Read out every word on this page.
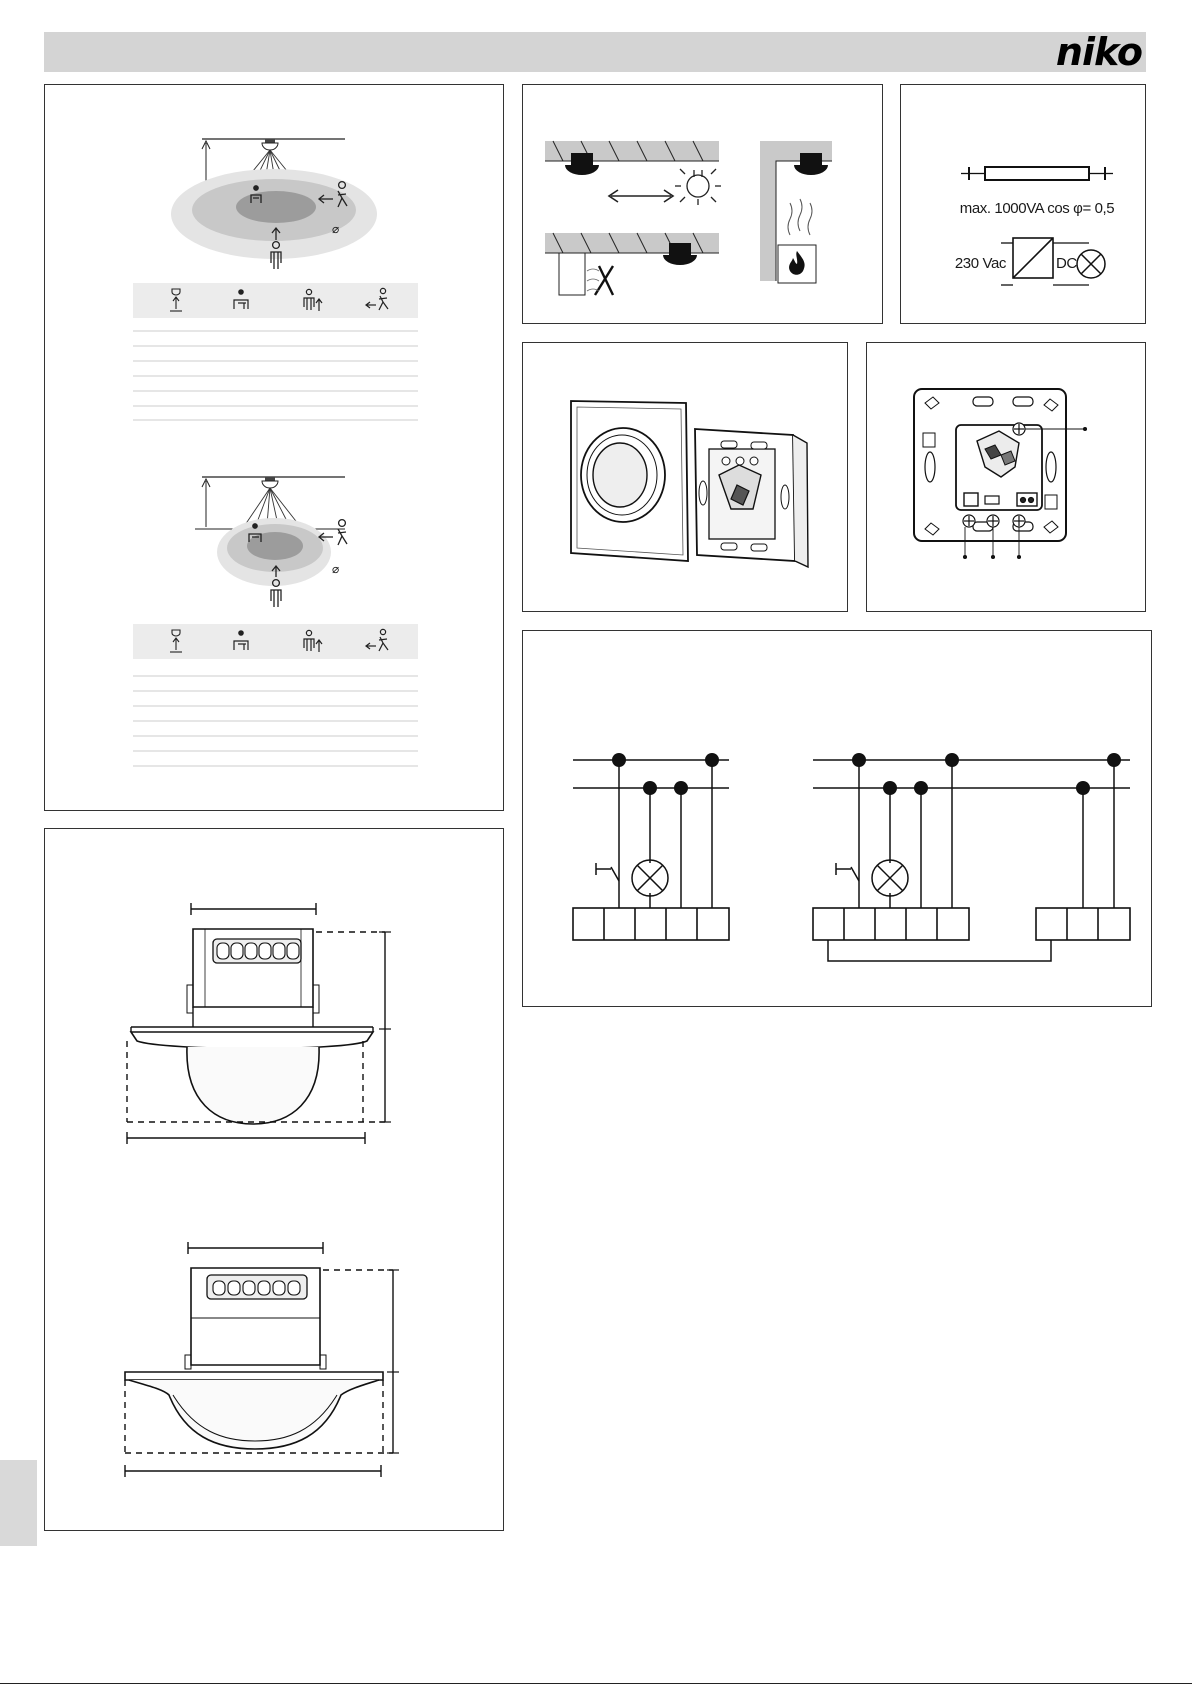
niko
⌀
⌀
max. 1000VA cos φ= 0,5
230 Vac	DC
